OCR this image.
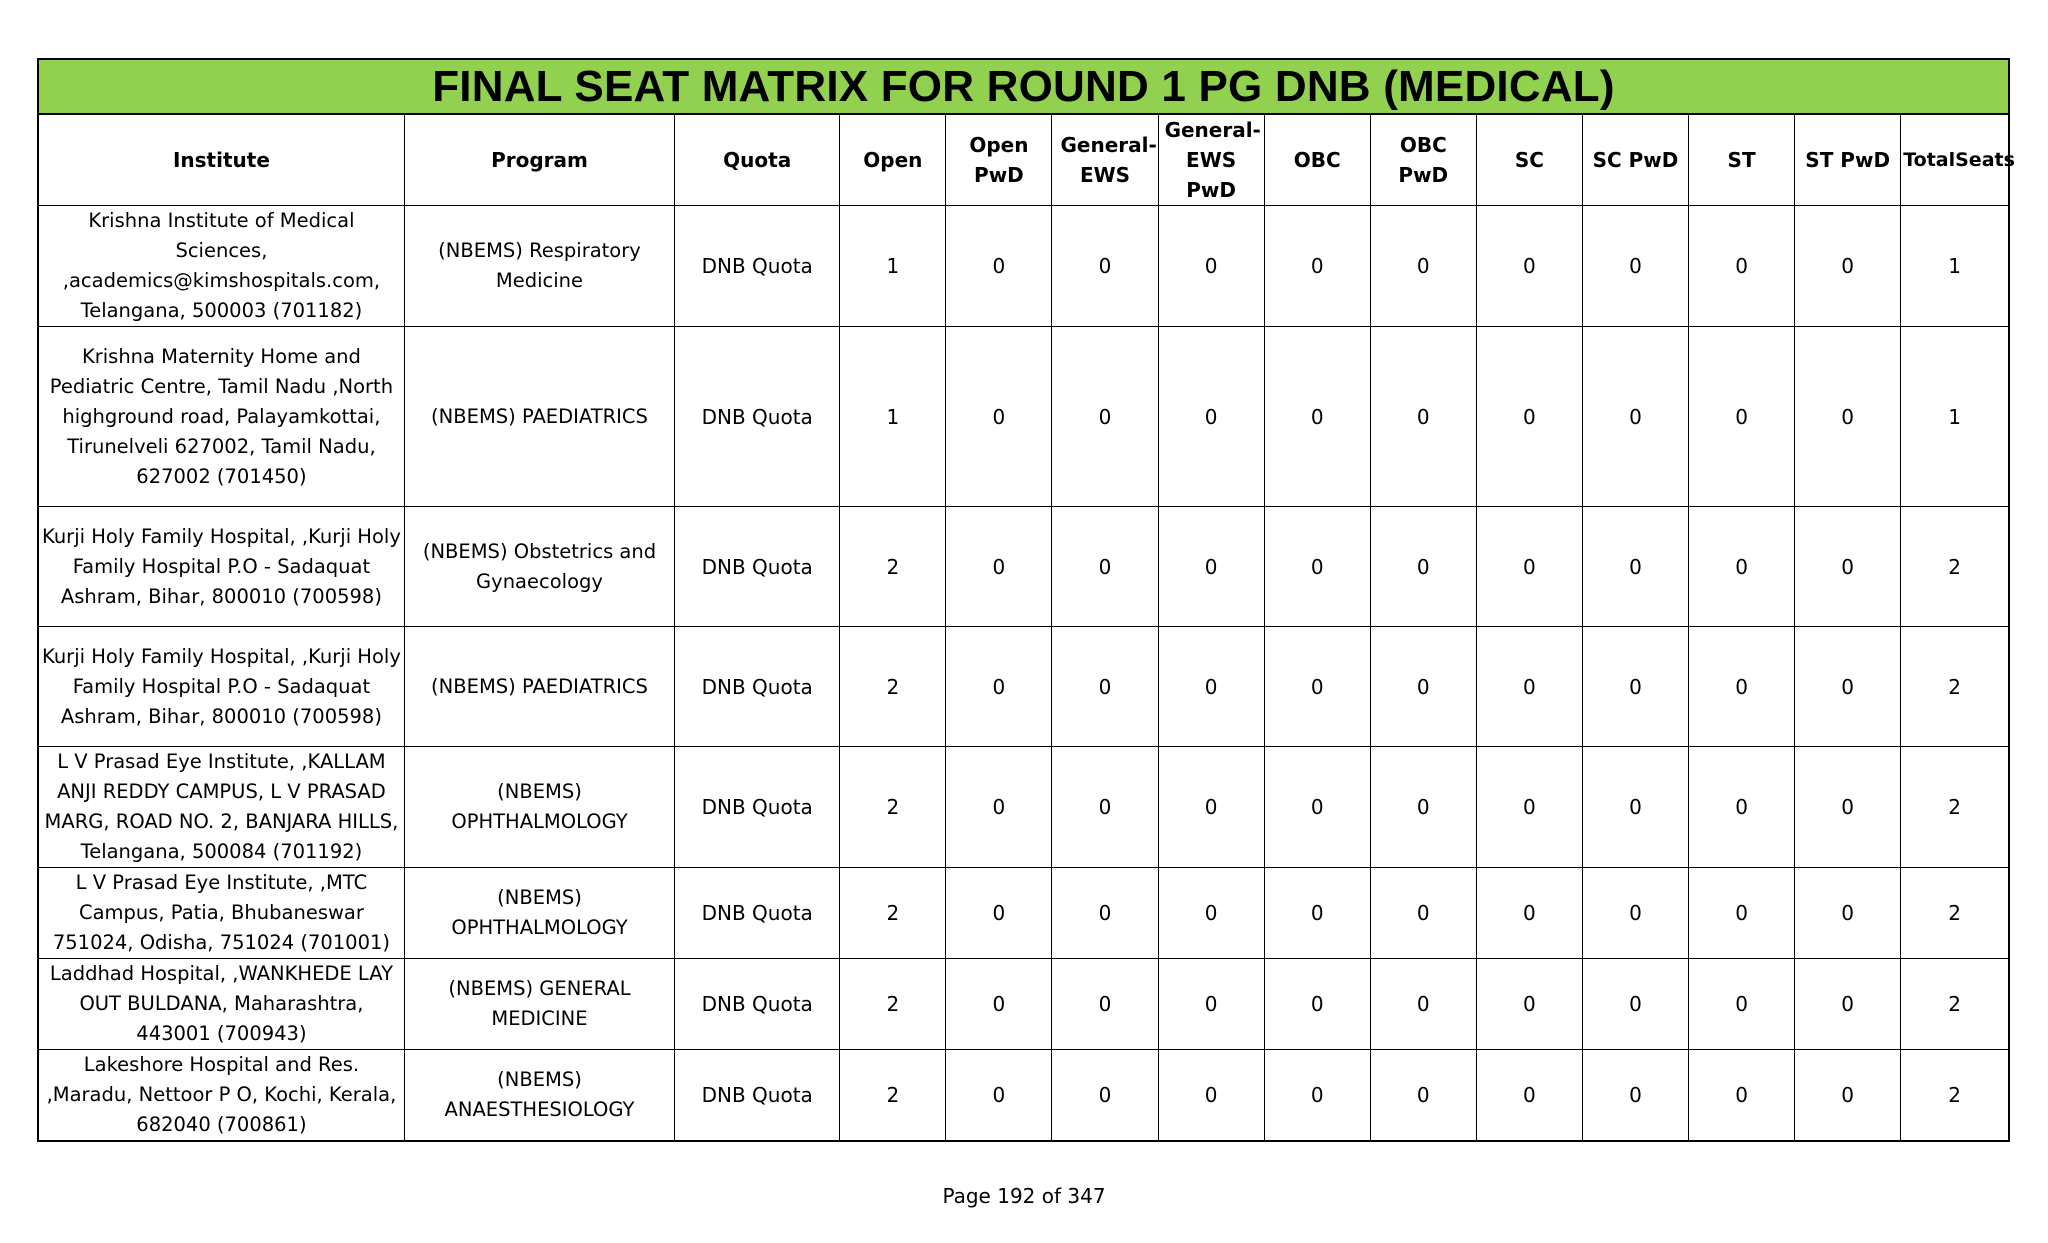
FINAL SEAT MATRIX FOR ROUND 1 PG DNB (MEDICAL)
Institute	Program	Quota	Open	Open PwD	General-EWS	General-EWS PwD	OBC	OBC PwD	SC	SC PwD	ST	ST PwD	TotalSeats
Krishna Institute of Medical Sciences, ,academics@kimshospitals.com, Telangana, 500003 (701182)	(NBEMS) Respiratory Medicine	DNB Quota	1	0	0	0	0	0	0	0	0	0	1
Krishna Maternity Home and Pediatric Centre, Tamil Nadu ,North highground road, Palayamkottai, Tirunelveli 627002, Tamil Nadu, 627002 (701450)	(NBEMS) PAEDIATRICS	DNB Quota	1	0	0	0	0	0	0	0	0	0	1
Kurji Holy Family Hospital, ,Kurji Holy Family Hospital P.O - Sadaquat Ashram, Bihar, 800010 (700598)	(NBEMS) Obstetrics and Gynaecology	DNB Quota	2	0	0	0	0	0	0	0	0	0	2
Kurji Holy Family Hospital, ,Kurji Holy Family Hospital P.O - Sadaquat Ashram, Bihar, 800010 (700598)	(NBEMS) PAEDIATRICS	DNB Quota	2	0	0	0	0	0	0	0	0	0	2
L V Prasad Eye Institute, ,KALLAM ANJI REDDY CAMPUS, L V PRASAD MARG, ROAD NO. 2, BANJARA HILLS, Telangana, 500084 (701192)	(NBEMS) OPHTHALMOLOGY	DNB Quota	2	0	0	0	0	0	0	0	0	0	2
L V Prasad Eye Institute, ,MTC Campus, Patia, Bhubaneswar 751024, Odisha, 751024 (701001)	(NBEMS) OPHTHALMOLOGY	DNB Quota	2	0	0	0	0	0	0	0	0	0	2
Laddhad Hospital, ,WANKHEDE LAY OUT BULDANA, Maharashtra, 443001 (700943)	(NBEMS) GENERAL MEDICINE	DNB Quota	2	0	0	0	0	0	0	0	0	0	2
Lakeshore Hospital and Res. ,Maradu, Nettoor P O, Kochi, Kerala, 682040 (700861)	(NBEMS) ANAESTHESIOLOGY	DNB Quota	2	0	0	0	0	0	0	0	0	0	2
Page 192 of 347
